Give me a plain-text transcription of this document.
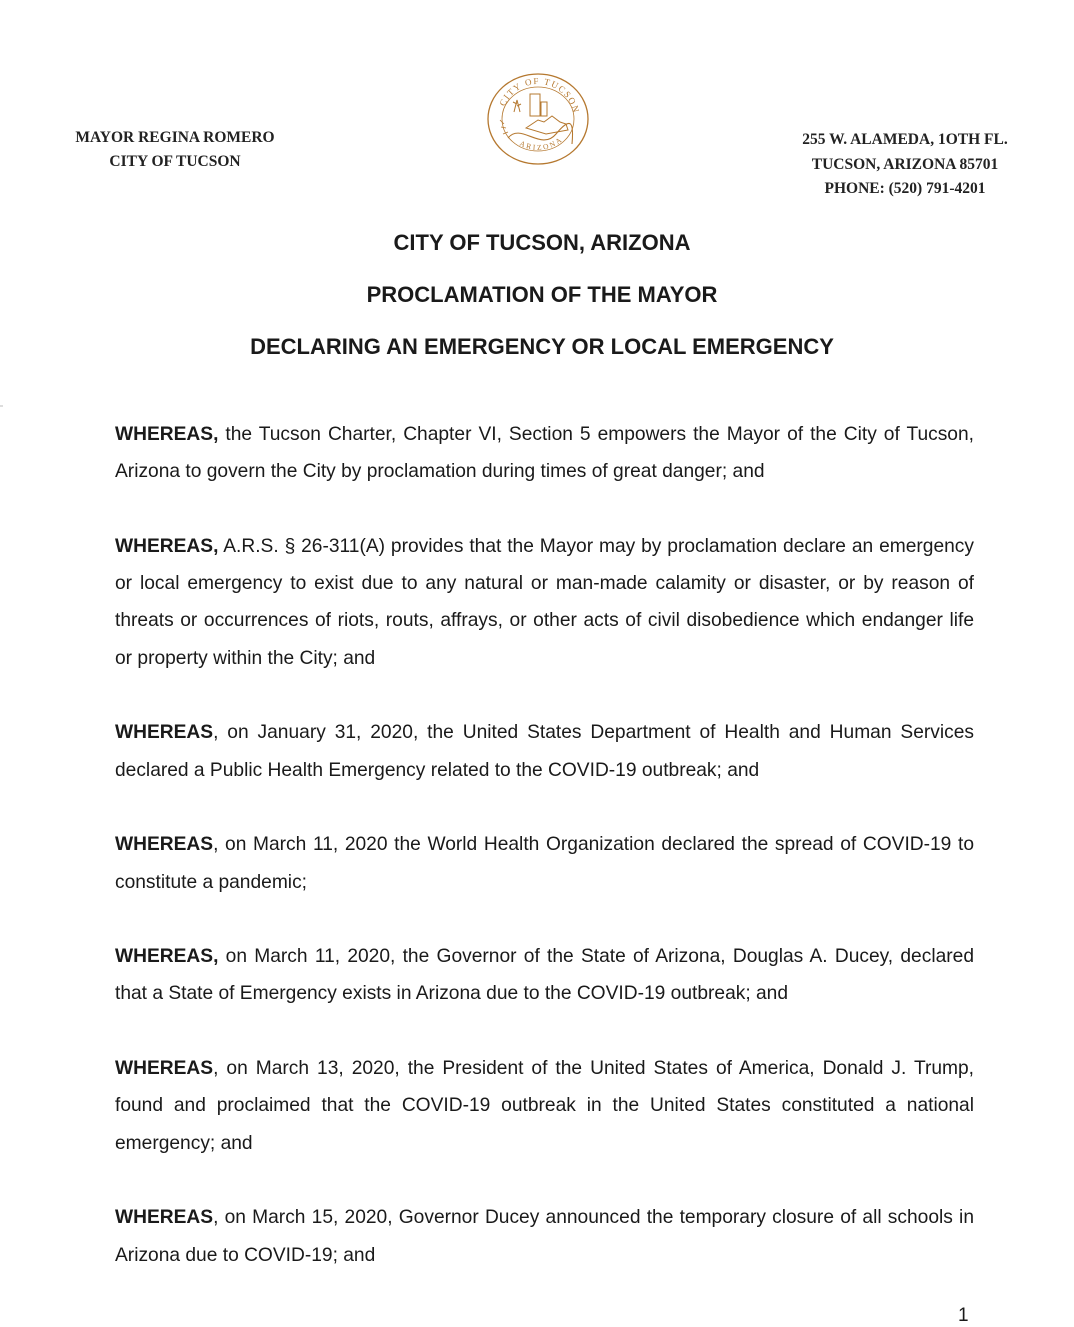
MAYOR REGINA ROMERO
CITY OF TUCSON
CITY OF TUCSON
ARIZONA	255 W. ALAMEDA, 1OTH FL.
TUCSON, ARIZONA 85701
PHONE: (520) 791-4201
CITY OF TUCSON, ARIZONA
PROCLAMATION OF THE MAYOR
DECLARING AN EMERGENCY OR LOCAL EMERGENCY

WHEREAS, the Tucson Charter, Chapter VI, Section 5 empowers the Mayor of the City of Tucson, Arizona to govern the City by proclamation during times of great danger; and

WHEREAS, A.R.S. § 26-311(A) provides that the Mayor may by proclamation declare an emergency or local emergency to exist due to any natural or man-made calamity or disaster, or by reason of threats or occurrences of riots, routs, affrays, or other acts of civil disobedience which endanger life or property within the City; and

WHEREAS, on January 31, 2020, the United States Department of Health and Human Services declared a Public Health Emergency related to the COVID-19 outbreak; and

WHEREAS, on March 11, 2020 the World Health Organization declared the spread of COVID-19 to constitute a pandemic;

WHEREAS, on March 11, 2020, the Governor of the State of Arizona, Douglas A. Ducey, declared that a State of Emergency exists in Arizona due to the COVID-19 outbreak; and

WHEREAS, on March 13, 2020, the President of the United States of America, Donald J. Trump, found and proclaimed that the COVID-19 outbreak in the United States constituted a national emergency; and

WHEREAS, on March 15, 2020, Governor Ducey announced the temporary closure of all schools in Arizona due to COVID-19; and

1
